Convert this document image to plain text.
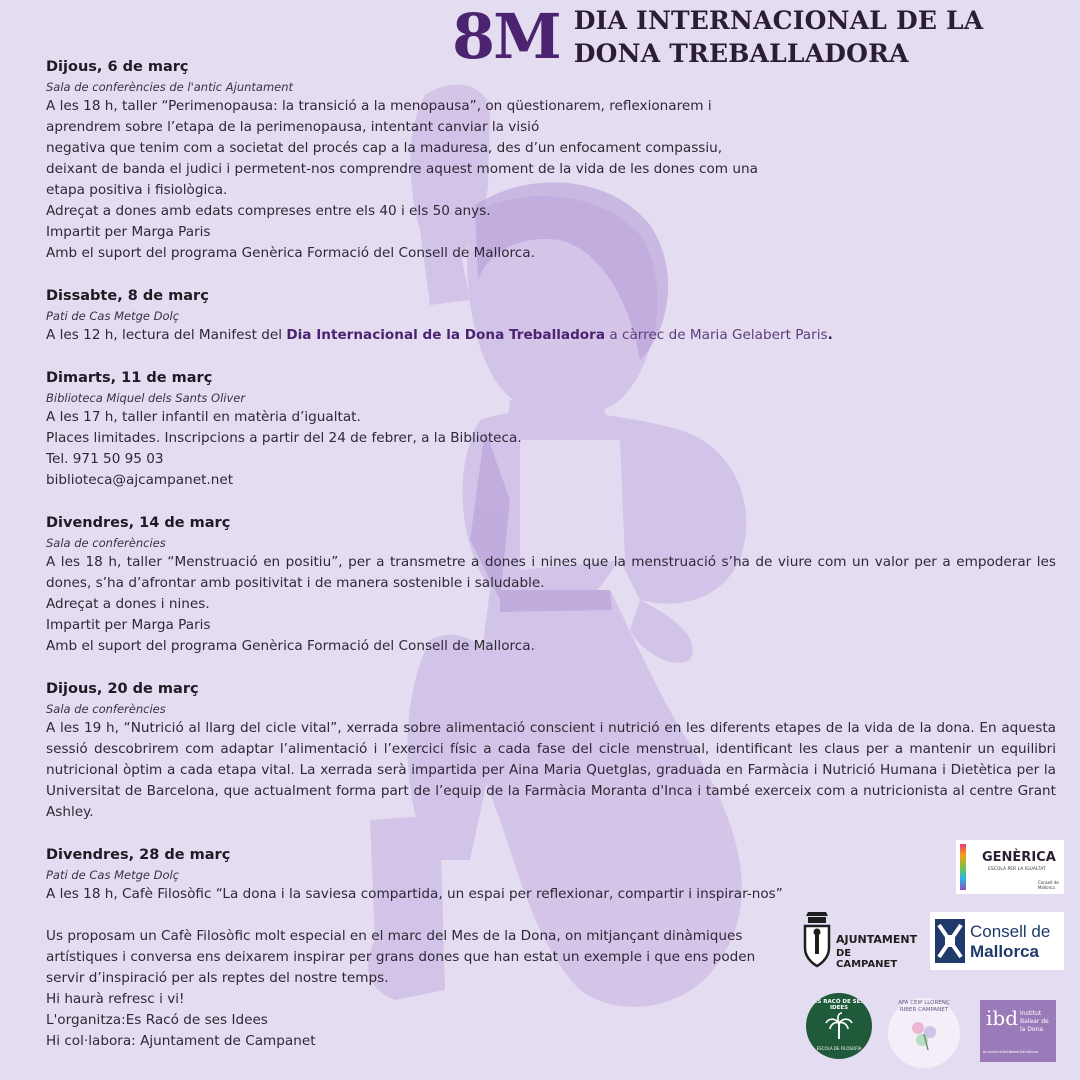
8M DIA INTERNACIONAL DE LA
DONA TREBALLADORA
Dijous, 6 de març
Sala de conferències de l'antic Ajuntament
A les 18 h, taller “Perimenopausa: la transició a la menopausa”, on qüestionarem, reflexionarem i
aprendrem sobre l’etapa de la perimenopausa, intentant canviar la visió
negativa que tenim com a societat del procés cap a la maduresa, des d’un enfocament compassiu,
deixant de banda el judici i permetent-nos comprendre aquest moment de la vida de les dones com una
etapa positiva i fisiològica.
Adreçat a dones amb edats compreses entre els 40 i els 50 anys.
Impartit per Marga Paris
Amb el suport del programa Genèrica Formació del Consell de Mallorca.
Dissabte, 8 de març
Pati de Cas Metge Dolç
A les 12 h, lectura del Manifest del Dia Internacional de la Dona Treballadora a càrrec de Maria Gelabert Paris.
Dimarts, 11 de març
Biblioteca Miquel dels Sants Oliver
A les 17 h, taller infantil en matèria d’igualtat.
Places limitades. Inscripcions a partir del 24 de febrer, a la Biblioteca.
Tel. 971 50 95 03
biblioteca@ajcampanet.net
Divendres, 14 de març
Sala de conferències
A les 18 h, taller “Menstruació en positiu”, per a transmetre a dones i nines que la menstruació s’ha de viure com un valor per a empoderar les dones, s’ha d’afrontar amb positivitat i de manera sostenible i saludable.
Adreçat a dones i nines.
Impartit per Marga Paris
Amb el suport del programa Genèrica Formació del Consell de Mallorca.
Dijous, 20 de març
Sala de conferències
A les 19 h, “Nutrició al llarg del cicle vital”, xerrada sobre alimentació conscient i nutrició en les diferents etapes de la vida de la dona. En aquesta sessió descobrirem com adaptar l’alimentació i l’exercici físic a cada fase del cicle menstrual, identificant les claus per a mantenir un equilibri nutricional òptim a cada etapa vital. La xerrada serà impartida per Aina Maria Quetglas, graduada en Farmàcia i Nutrició Humana i Dietètica per la Universitat de Barcelona, que actualment forma part de l’equip de la Farmàcia Moranta d'Inca i també exerceix com a nutricionista al centre Grant Ashley.
Divendres, 28 de març
Pati de Cas Metge Dolç
A les 18 h, Cafè Filosòfic “La dona i la saviesa compartida, un espai per reflexionar, compartir i inspirar-nos”
Us proposam un Cafè Filosòfic molt especial en el marc del Mes de la Dona, on mitjançant dinàmiques artístiques i conversa ens deixarem inspirar per grans dones que han estat un exemple i que ens poden servir d’inspiració per als reptes del nostre temps.
Hi haurà refresc i vi!
L'organitza:Es Racó de ses Idees
Hi col·labora: Ajuntament de Campanet
GENÈRICA
ESCOLA PER LA IGUALTAT
Consell de Mallorca
AJUNTAMENT
DE CAMPANET
Consell de
Mallorca
ES RACÓ DE SES IDEES
ESCOLA DE FILOSOFIA
AFA CEIP LLORENÇ RIBER CAMPANET	ibd Institut
Balear de
la Dona
fb.com/InstitutBalearDeLaDona
